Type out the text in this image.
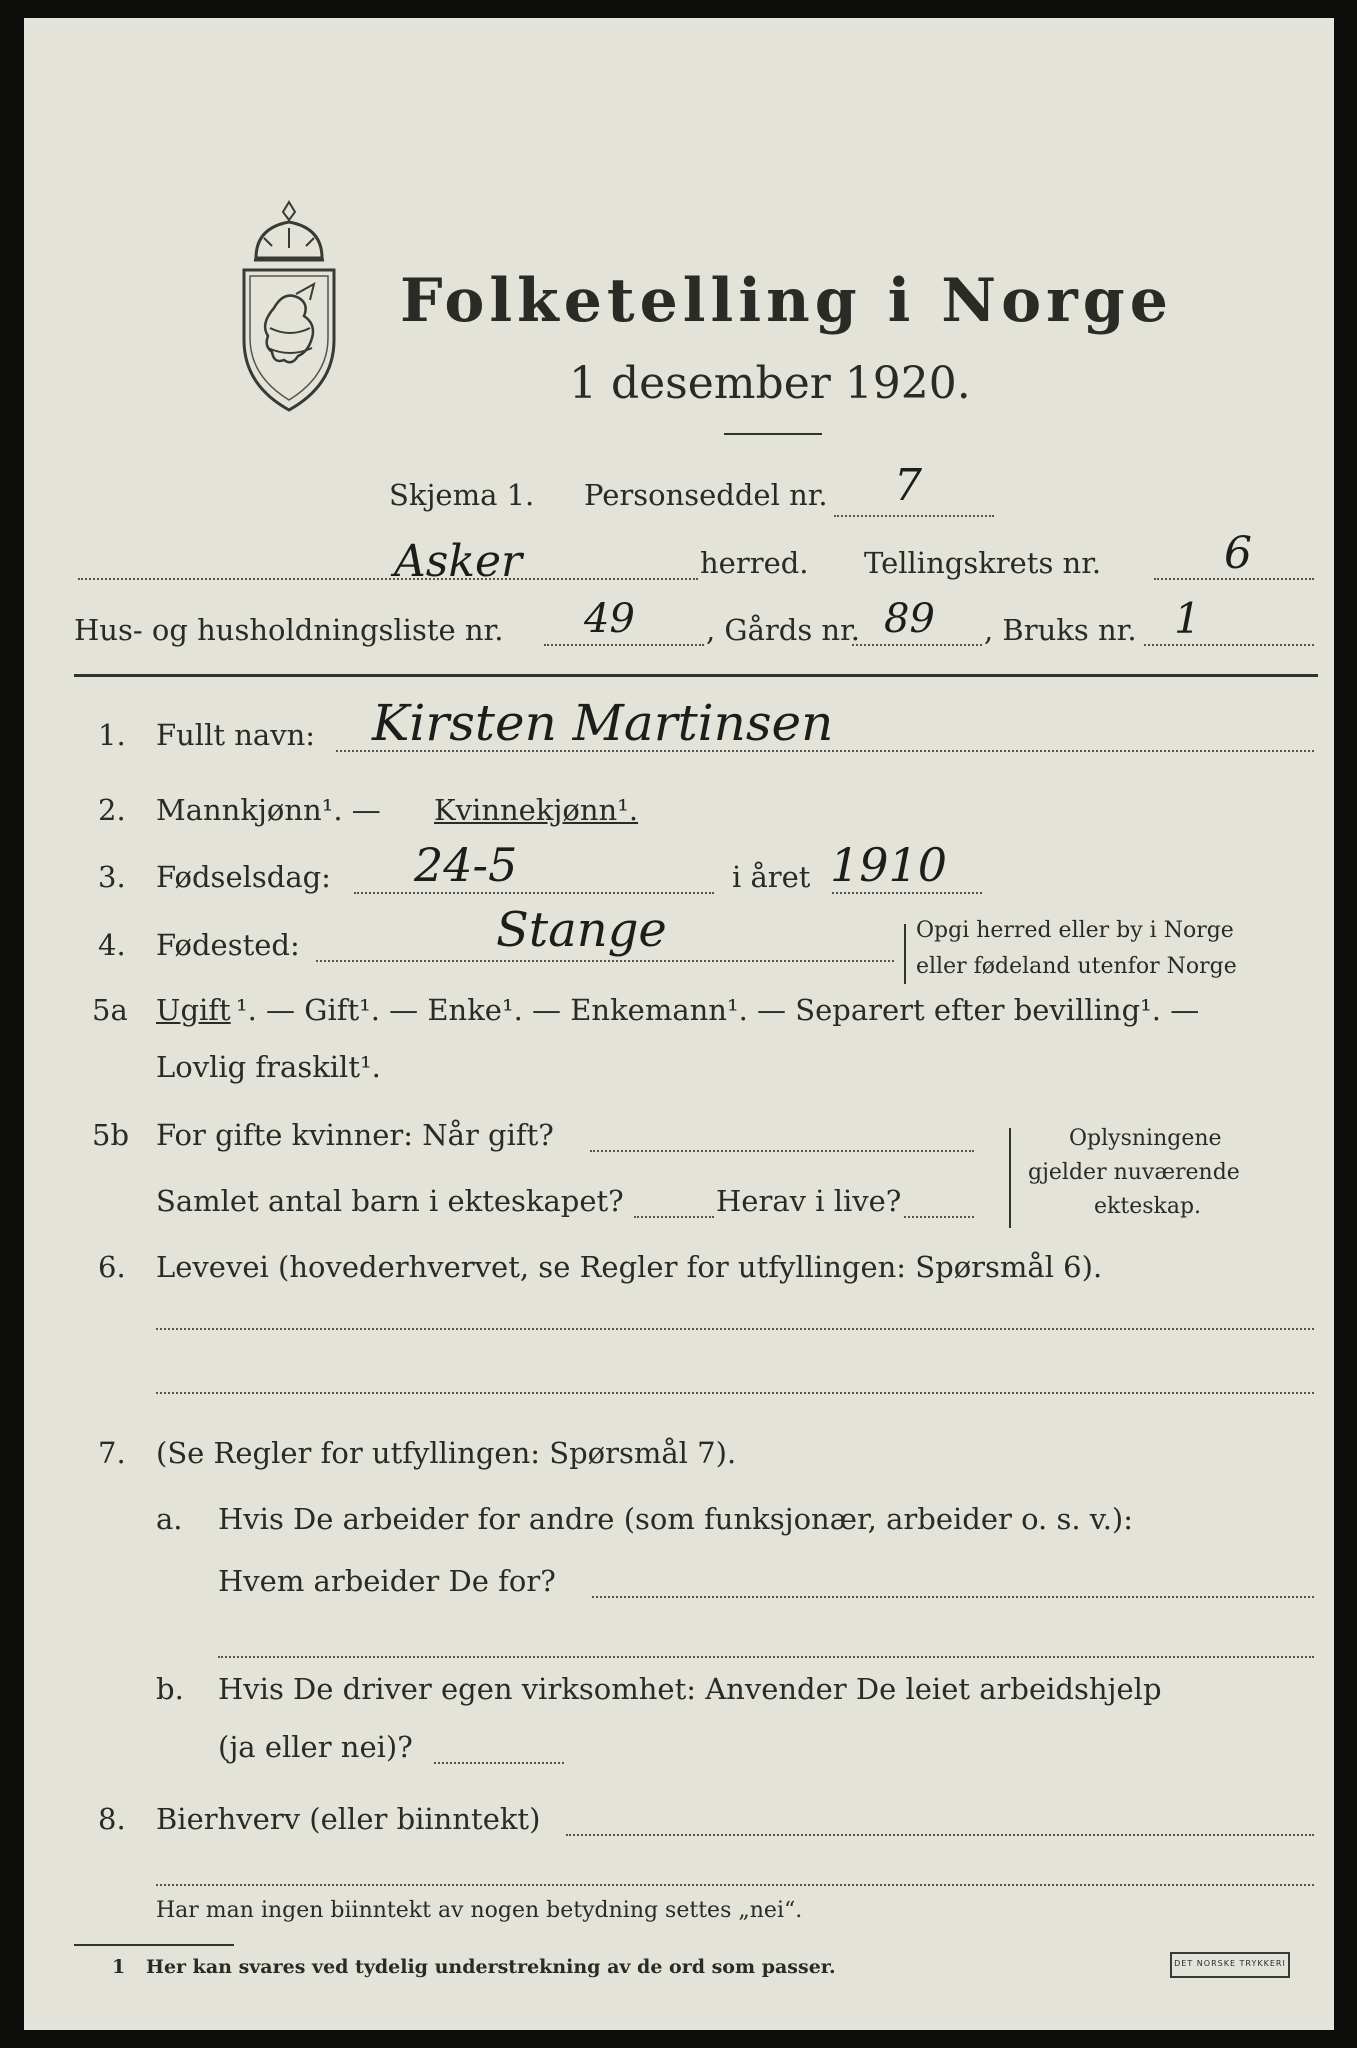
Folketelling i Norge
1 desember 1920.
Skjema 1. Personseddel nr. 7
Asker	herred. Tellingskrets nr.	6
Hus- og husholdningsliste nr. 49 , Gårds nr. 89 , Bruks nr. 1
1. Fullt navn: Kirsten Martinsen
2. Mannkjønn¹. — Kvinnekjønn¹.
3. Fødselsdag: 24-5	i året 1910
4. Fødested:	Stange	Opgi herred eller by i Norge
eller fødeland utenfor Norge
5a Ugift ¹. — Gift¹. — Enke¹. — Enkemann¹. — Separert efter bevilling¹. —
Lovlig fraskilt¹.
5b For gifte kvinner: Når gift?
Samlet antal barn i ekteskapet?	Herav i live?
Oplysningene
gjelder nuværende
ekteskap.
6. Levevei (hovederhvervet, se Regler for utfyllingen: Spørsmål 6).
7. (Se Regler for utfyllingen: Spørsmål 7).
a. Hvis De arbeider for andre (som funksjonær, arbeider o. s. v.):
Hvem arbeider De for?
b. Hvis De driver egen virksomhet: Anvender De leiet arbeidshjelp
(ja eller nei)?
8. Bierhverv (eller biinntekt)
Har man ingen biinntekt av nogen betydning settes „nei“.
1 Her kan svares ved tydelig understrekning av de ord som passer.	DET NORSKE TRYKKERI
